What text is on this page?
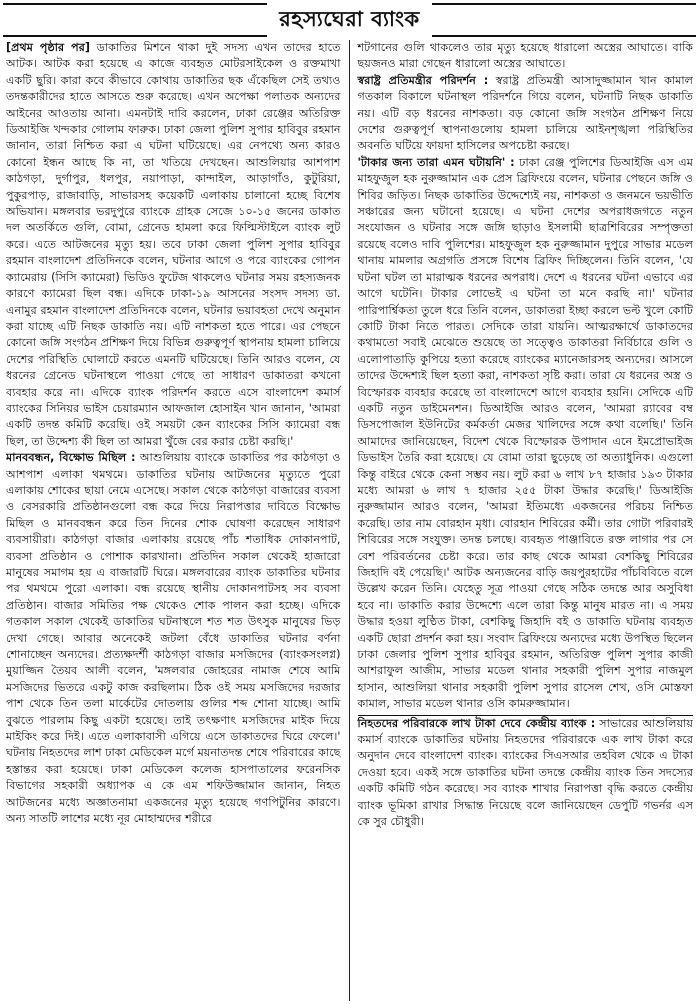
রহস্যঘেরা ব্যাংক

[প্রথম পৃষ্ঠার পর] ডাকাতির মিশনে থাকা দুই সদস্য এখন তাদের হাতে আটক। আটক করা হয়েছে এ কাজে ব্যবহৃত মোটরসাইকেল ও রক্তমাখা একটি ছুরি। কারা কবে কীভাবে কোথায় ডাকাতির ছক এঁকেছিল সেই তথ্যও তদন্তকারীদের হাতে আসতে শুরু করেছে। এখন অপেক্ষা পলাতক অন্যদের আইনের আওতায় আনা। এমনটাই দাবি করলেন, ঢাকা রেঞ্জের অতিরিক্ত ডিআইজি খন্দকার গোলাম ফারুক। ঢাকা জেলা পুলিশ সুপার হাবিবুর রহমান জানান, তারা নিশ্চিত করা এ ঘটনা ঘটিয়েছে। এর নেপথ্যে অন্য কারও কোনো ইন্ধন আছে কি না, তা খতিয়ে দেখছেন। আশুলিয়ার আশপাশ কাঠগড়া, দুর্গাপুর, ধলপুর, নয়াপাড়া, কান্দাইল, আড়াগাঁও, কুটুরিয়া, পুকুরপাড়, রাজাবাড়ি, সাভারসহ কয়েকটি এলাকায় চালানো হচ্ছে বিশেষ অভিযান। মঙ্গলবার ভরদুপুরে ব্যাংকে গ্রাহক সেজে ১০-১৫ জনের ডাকাত দল অতর্কিতে গুলি, বোমা, গ্রেনেড হামলা করে ফিল্মিস্টাইলে ব্যাংক লুট করে। এতে আটজনের মৃত্যু হয়। তবে ঢাকা জেলা পুলিশ সুপার হাবিবুর রহমান বাংলাদেশ প্রতিদিনকে বলেন, ঘটনার আগে ও পরে ব্যাংকের গোপন ক্যামেরায় (সিসি ক্যামেরা) ভিডিও ফুটেজ থাকলেও ঘটনার সময় রহস্যজনক কারণে ক্যামেরা ছিল বন্ধ। এদিকে ঢাকা-১৯ আসনের সংসদ সদস্য ডা. এনামুর রহমান বাংলাদেশ প্রতিদিনকে বলেন, ঘটনার ভয়াবহতা দেখে অনুমান করা যাচ্ছে এটি নিছক ডাকাতি নয়। এটি নাশকতা হতে পারে। এর পেছনে কোনো জঙ্গি সংগঠন প্রশিক্ষণ দিয়ে বিভিন্ন গুরুত্বপূর্ণ স্থাপনায় হামলা চালিয়ে দেশের পরিস্থিতি ঘোলাটে করতে এমনটি ঘটিয়েছে। তিনি আরও বলেন, যে ধরনের গ্রেনেড ঘটনাস্থলে পাওয়া গেছে তা সাধারণ ডাকাতরা কখনো ব্যবহার করে না। এদিকে ব্যাংক পরিদর্শন করতে এসে বাংলাদেশ কমার্স ব্যাংকের সিনিয়র ভাইস চেয়ারম্যান আফজাল হোসাইন খান জানান, 'আমরা একটি তদন্ত কমিটি করেছি। ওই সময়টা কেন ব্যাংকের সিসি ক্যামেরা বন্ধ ছিল, তা উদ্দেশ্য কী ছিল তা আমরা খুঁজে বের করার চেষ্টা করছি।'

মানববন্ধন, বিক্ষোভ মিছিল : আশুলিয়ায় ব্যাংকে ডাকাতির পর কাঠগড়া ও আশপাশ এলাকা থমথমে। ডাকাতির ঘটনায় আটজনের মৃত্যুতে পুরো এলাকায় শোকের ছায়া নেমে এসেছে। সকাল থেকে কাঠগড়া বাজারের ব্যবসা ও বেসরকারি প্রতিষ্ঠানগুলো বন্ধ করে দিয়ে নিরাপত্তার দাবিতে বিক্ষোভ মিছিল ও মানববন্ধন করে তিন দিনের শোক ঘোষণা করেছেন সাধারণ ব্যবসায়ীরা। কাঠগড়া বাজার এলাকায় রয়েছে পাঁচ শতাধিক দোকানপাট, ব্যবসা প্রতিষ্ঠান ও পোশাক কারখানা। প্রতিদিন সকাল থেকেই হাজারো মানুষের সমাগম হয় এ বাজারটি ঘিরে। মঙ্গলবারের ব্যাংক ডাকাতির ঘটনার পর থমথমে পুরো এলাকা। বন্ধ রয়েছে স্থানীয় দোকানপাটসহ সব ব্যবসা প্রতিষ্ঠান। বাজার সমিতির পক্ষ থেকেও শোক পালন করা হচ্ছে। এদিকে গতকাল সকাল থেকেই ডাকাতির ঘটনাস্থলে শত শত উৎসুক মানুষের ভিড় দেখা গেছে। আবার অনেকেই জটলা বেঁধে ডাকাতির ঘটনার বর্ণনা শোনাচ্ছেন অন্যদের। প্রত্যক্ষদর্শী কাঠগড়া বাজার মসজিদের (ব্যাংকসংলগ্ন) মুয়াজ্জিন তৈয়ব আলী বলেন, 'মঙ্গলবার জোহরের নামাজ শেষে আমি মসজিদের ভিতরে একটু কাজ করছিলাম। ঠিক ওই সময় মসজিদের দরজার পাশ থেকে তিন তলা মার্কেটের দোতলায় গুলির শব্দ শোনা যাচ্ছে। আমি বুঝতে পারলাম কিছু একটা হয়েছে। তাই তৎক্ষণাৎ মসজিদের মাইক দিয়ে মাইকিং করে দিই। এতে এলাকাবাসী এগিয়ে এসে ডাকাতদের ঘিরে ফেলে।' ঘটনায় নিহতদের লাশ ঢাকা মেডিকেল মর্গে ময়নাতদন্ত শেষে পরিবারের কাছে হস্তান্তর করা হয়েছে। ঢাকা মেডিকেল কলেজ হাসপাতালের ফরেনসিক বিভাগের সহকারী অধ্যাপক এ কে এম শফিউজ্জামান জানান, নিহত আটজনের মধ্যে অজ্ঞাতনামা একজনের মৃত্যু হয়েছে গণপিটুনির কারণে। অন্য সাতটি লাশের মধ্যে নূর মোহাম্মদের শরীরে

শটগানের গুলি থাকলেও তার মৃত্যু হয়েছে ধারালো অস্ত্রের আঘাতে। বাকি ছয়জনও মারা গেছেন ধারালো অস্ত্রের আঘাতে।

স্বরাষ্ট্র প্রতিমন্ত্রীর পরিদর্শন : স্বরাষ্ট্র প্রতিমন্ত্রী আসাদুজ্জামান খান কামাল গতকাল বিকালে ঘটনাস্থল পরিদর্শনে গিয়ে বলেন, ঘটনাটি নিছক ডাকাতি নয়। এটি বড় ধরনের নাশকতা। বড় কোনো জঙ্গি সংগঠন প্রশিক্ষণ নিয়ে দেশের গুরুত্বপূর্ণ স্থাপনাগুলোয় হামলা চালিয়ে আইনশৃঙ্খলা পরিস্থিতির অবনতি ঘটিয়ে ফায়দা হাসিলের অপচেষ্টা করছে।

'টাকার জন্য তারা এমন ঘটায়নি' : ঢাকা রেঞ্জ পুলিশের ডিআইজি এস এম মাহফুজুল হক নুরুজ্জামান এক প্রেস ব্রিফিংয়ে বলেন, ঘটনার পেছনে জঙ্গি ও শিবির জড়িত। নিছক ডাকাতির উদ্দেশ্যেই নয়, নাশকতা ও জনমনে ভয়ভীতি সঞ্চারের জন্য ঘটানো হয়েছে। এ ঘটনা দেশের অপরাধজগতে নতুন সংযোজন ও ঘটনার সঙ্গে জঙ্গি ছাড়াও ইসলামী ছাত্রশিবিরের সম্পৃক্ততা রয়েছে বলেও দাবি পুলিশের। মাহফুজুল হক নুরুজ্জামান দুপুরে সাভার মডেল থানায় মামলার অগ্রগতি প্রসঙ্গে বিশেষ ব্রিফিং দিচ্ছিলেন। তিনি বলেন, 'যে ঘটনা ঘটল তা মারাত্মক ধরনের অপরাধ। দেশে এ ধরনের ঘটনা এভাবে এর আগে ঘটেনি। টাকার লোভেই এ ঘটনা তা মনে করছি না।' ঘটনার পারিপার্শ্বিকতা তুলে ধরে তিনি বলেন, ডাকাতরা ইচ্ছা করলে ভল্ট খুলে কোটি কোটি টাকা নিতে পারত। সেদিকে তারা যায়নি। আত্মরক্ষার্থে ডাকাতদের কথামতো সবাই মেঝেতে শুয়েছে তা সত্ত্বেও ডাকাতরা নির্বিচারে গুলি ও এলোপাতাড়ি কুপিয়ে হত্যা করেছে ব্যাংকের ম্যানেজারসহ অন্যদের। আসলে তাদের উদ্দেশ্যই ছিল হত্যা করা, নাশকতা সৃষ্টি করা। তারা যে ধরনের অস্ত্র ও বিস্ফোরক ব্যবহার করেছে তা বাংলাদেশে আগে ব্যবহার হয়নি। সেদিকে এটি একটি নতুন ডাইমেনশন। ডিআইজি আরও বলেন, 'আমরা র‍্যাবের বম্ব ডিসপোজাল ইউনিটের কর্মকর্তা মেজর খালিদের সঙ্গে কথা বলেছি।' তিনি আমাদের জানিয়েছেন, বিদেশ থেকে বিস্ফোরক উপাদান এনে ইমপ্রোভাইজ ডিভাইস তৈরি করা হয়েছে। যে বোমা তারা ছুড়েছে তা অত্যাধুনিক। এগুলো কিন্তু বাইরে থেকে কেনা সম্ভব নয়। লুট করা ৬ লাখ ৮৭ হাজার ১৯৩ টাকার মধ্যে আমরা ৬ লাখ ৭ হাজার ২৫৫ টাকা উদ্ধার করেছি।' ডিআইজি নুরুজ্জামান আরও বলেন, 'আমরা ইতিমধ্যে একজনের পরিচয় নিশ্চিত করেছি। তার নাম বোরহান মৃধা। বোরহান শিবিরের কর্মী। তার গোটা পরিবারই শিবিরের সঙ্গে সংযুক্ত। তদন্ত চলছে। ব্যবহৃত পাঞ্জাবিতে রক্ত লাগার পর সে বেশ পরিবর্তনের চেষ্টা করে। তার কাছ থেকে আমরা বেশকিছু শিবিরের জিহাদি বই পেয়েছি।' আটক অন্যজনের বাড়ি জয়পুরহাটের পাঁচবিবিতে বলে উল্লেখ করেন তিনি। যেহেতু সূত্র পাওয়া গেছে সঠিক তদন্তে আর অসুবিধা হবে না। ডাকাতি করার উদ্দেশ্যে এলে তারা কিন্তু মানুষ মারত না। এ সময় উদ্ধার হওয়া লুণ্ঠিত টাকা, বেশকিছু জিহাদি বই ও ডাকাতি ঘটনায় ব্যবহৃত একটি ছোরা প্রদর্শন করা হয়। সংবাদ ব্রিফিংয়ে অন্যদের মধ্যে উপস্থিত ছিলেন ঢাকা জেলার পুলিশ সুপার হাবিবুর রহমান, অতিরিক্ত পুলিশ সুপার কাজী আশরাফুল আজীম, সাভার মডেল থানার সহকারী পুলিশ সুপার নাজমুল হাসান, আশুলিয়া থানার সহকারী পুলিশ সুপার রাসেল শেখ, ওসি মোস্তফা কামাল, সাভার মডেল থানার ওসি কামরুজ্জামান।

নিহতদের পরিবারকে লাখ টাকা দেবে কেন্দ্রীয় ব্যাংক : সাভারের আশুলিয়ায় কমার্স ব্যাংকে ডাকাতির ঘটনায় নিহতদের পরিবারকে এক লাখ টাকা করে অনুদান দেবে বাংলাদেশ ব্যাংক। ব্যাংকের সিএসআর তহবিল থেকে এ টাকা দেওয়া হবে। একই সঙ্গে ডাকাতির ঘটনা তদন্তে কেন্দ্রীয় ব্যাংক তিন সদস্যের একটি কমিটি গঠন করেছে। সব ব্যাংক শাখার নিরাপত্তা বৃদ্ধি করতে কেন্দ্রীয় ব্যাংক ভূমিকা রাখার সিদ্ধান্ত নিয়েছে বলে জানিয়েছেন ডেপুটি গভর্নর এস কে সুর চৌধুরী।
